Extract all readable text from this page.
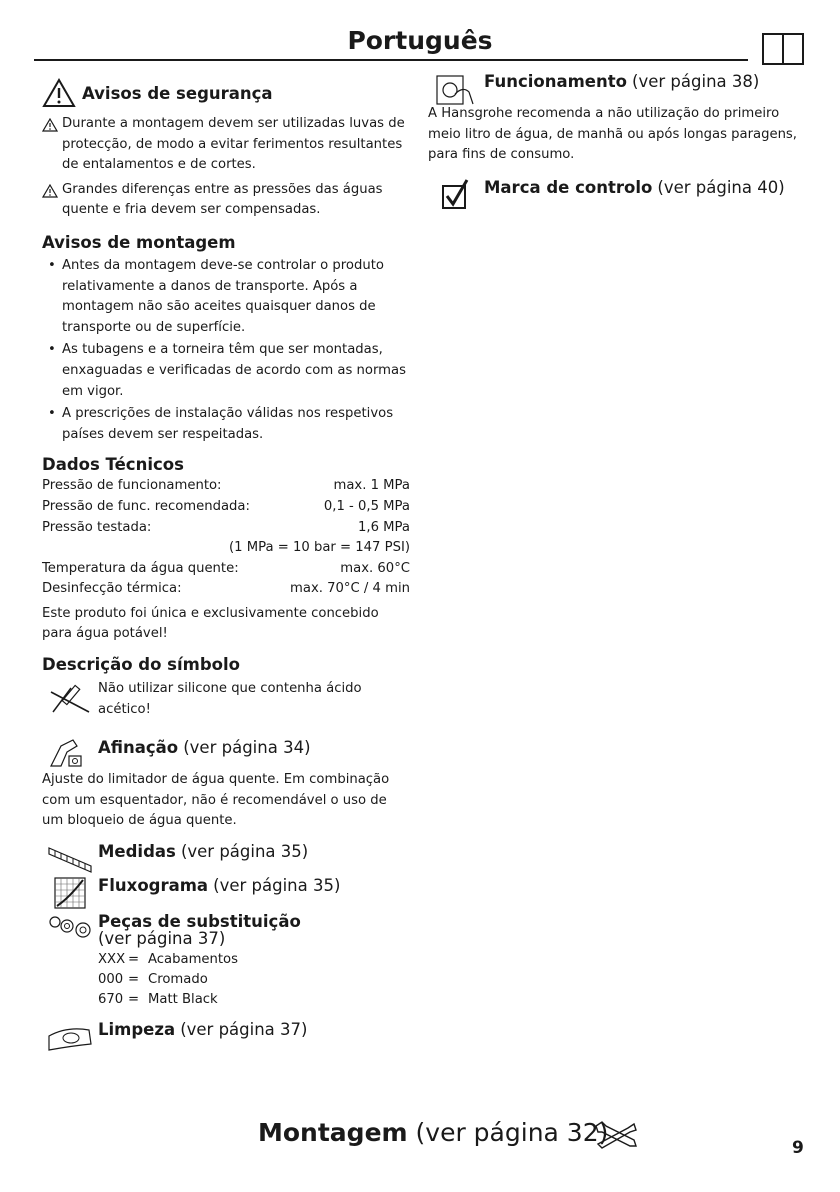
Português
Avisos de segurança
Durante a montagem devem ser utilizadas luvas de protecção, de modo a evitar ferimentos resultantes de entalamentos e de cortes.
Grandes diferenças entre as pressões das águas quente e fria devem ser compensadas.
Avisos de montagem
• Antes da montagem deve-se controlar o produto relativamente a danos de transporte. Após a montagem não são aceites quaisquer danos de transporte ou de superfície.
• As tubagens e a torneira têm que ser montadas, enxaguadas e verificadas de acordo com as normas em vigor.
• A prescrições de instalação válidas nos respetivos países devem ser respeitadas.
Dados Técnicos
Pressão de funcionamento:	max. 1 MPa
Pressão de func. recomendada:	0,1 - 0,5 MPa
Pressão testada:	1,6 MPa
(1 MPa = 10 bar = 147 PSI)
Temperatura da água quente:	max. 60°C
Desinfecção térmica:	max. 70°C / 4 min

Este produto foi única e exclusivamente concebido para água potável!

Descrição do símbolo

Não utilizar silicone que contenha ácido acético!

Afinação (ver página 34)

Ajuste do limitador de água quente. Em combinação com um esquentador, não é recomendável o uso de um bloqueio de água quente.

Medidas (ver página 35)
Fluxograma (ver página 35)
Peças de substituição
(ver página 37)
XXX = Acabamentos
000 = Cromado
670 = Matt Black
Limpeza (ver página 37)
Funcionamento (ver página 38)

A Hansgrohe recomenda a não utilização do primeiro meio litro de água, de manhã ou após longas paragens, para fins de consumo.

Marca de controlo (ver página 40)
Montagem (ver página 32)
9
